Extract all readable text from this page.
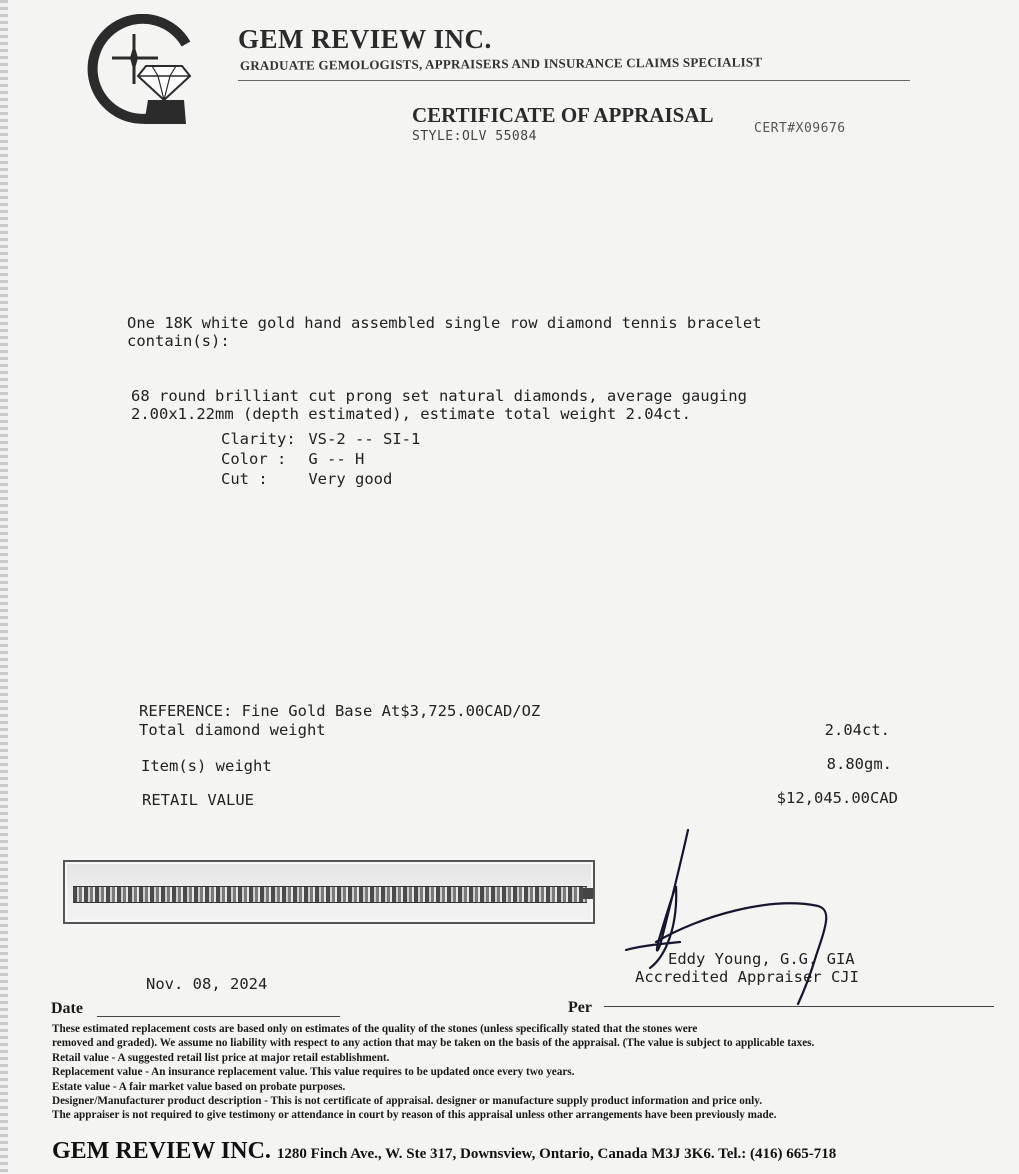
GEM REVIEW INC.
GRADUATE GEMOLOGISTS, APPRAISERS AND INSURANCE CLAIMS SPECIALIST
CERTIFICATE OF APPRAISAL
STYLE:OLV 55084
CERT#X09676
One 18K white gold hand assembled single row diamond tennis bracelet
contain(s):
68 round brilliant cut prong set natural diamonds, average gauging
2.00x1.22mm (depth estimated), estimate total weight 2.04ct.
Clarity: VS-2 -- SI-1
Color : G -- H
Cut :	Very good
REFERENCE: Fine Gold Base At$3,725.00CAD/OZ
Total diamond weight	2.04ct.
Item(s) weight	8.80gm.
RETAIL VALUE	$12,045.00CAD
Eddy Young, G.G. GIA
Accredited Appraiser CJI
Nov. 08, 2024
Date	Per
These estimated replacement costs are based only on estimates of the quality of the stones (unless specifically stated that the stones were
removed and graded). We assume no liability with respect to any action that may be taken on the basis of the appraisal. (The value is subject to applicable taxes.
Retail value - A suggested retail list price at major retail establishment.
Replacement value - An insurance replacement value. This value requires to be updated once every two years.
Estate value - A fair market value based on probate purposes.
Designer/Manufacturer product description - This is not certificate of appraisal. designer or manufacture supply product information and price only.
The appraiser is not required to give testimony or attendance in court by reason of this appraisal unless other arrangements have been previously made.
GEM REVIEW INC. 1280 Finch Ave., W. Ste 317, Downsview, Ontario, Canada M3J 3K6. Tel.: (416) 665-718
